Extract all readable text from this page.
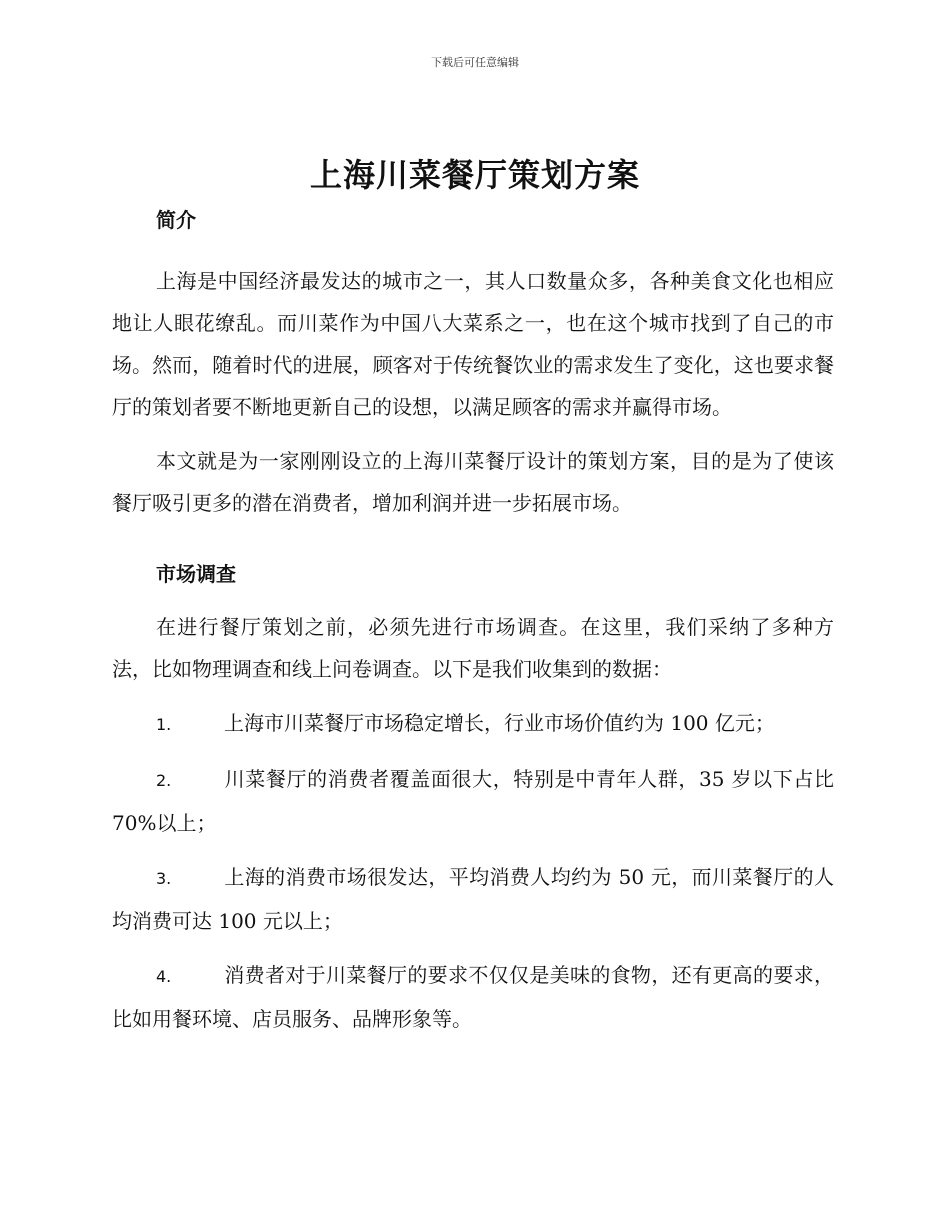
下载后可任意编辑
上海川菜餐厅策划方案
简介

上海是中国经济最发达的城市之一，其人口数量众多，各种美食文化也相应地让人眼花缭乱。而川菜作为中国八大菜系之一，也在这个城市找到了自己的市场。然而，随着时代的进展，顾客对于传统餐饮业的需求发生了变化，这也要求餐厅的策划者要不断地更新自己的设想，以满足顾客的需求并赢得市场。

本文就是为一家刚刚设立的上海川菜餐厅设计的策划方案，目的是为了使该餐厅吸引更多的潜在消费者，增加利润并进一步拓展市场。

市场调查

在进行餐厅策划之前，必须先进行市场调查。在这里，我们采纳了多种方法，比如物理调查和线上问卷调查。以下是我们收集到的数据：

1.	上海市川菜餐厅市场稳定增长，行业市场价值约为 100 亿元；

2.	川菜餐厅的消费者覆盖面很大，特别是中青年人群，35 岁以下占比 70%以上；

3.	上海的消费市场很发达，平均消费人均约为 50 元，而川菜餐厅的人均消费可达 100 元以上；

4.	消费者对于川菜餐厅的要求不仅仅是美味的食物，还有更高的要求，比如用餐环境、店员服务、品牌形象等。
